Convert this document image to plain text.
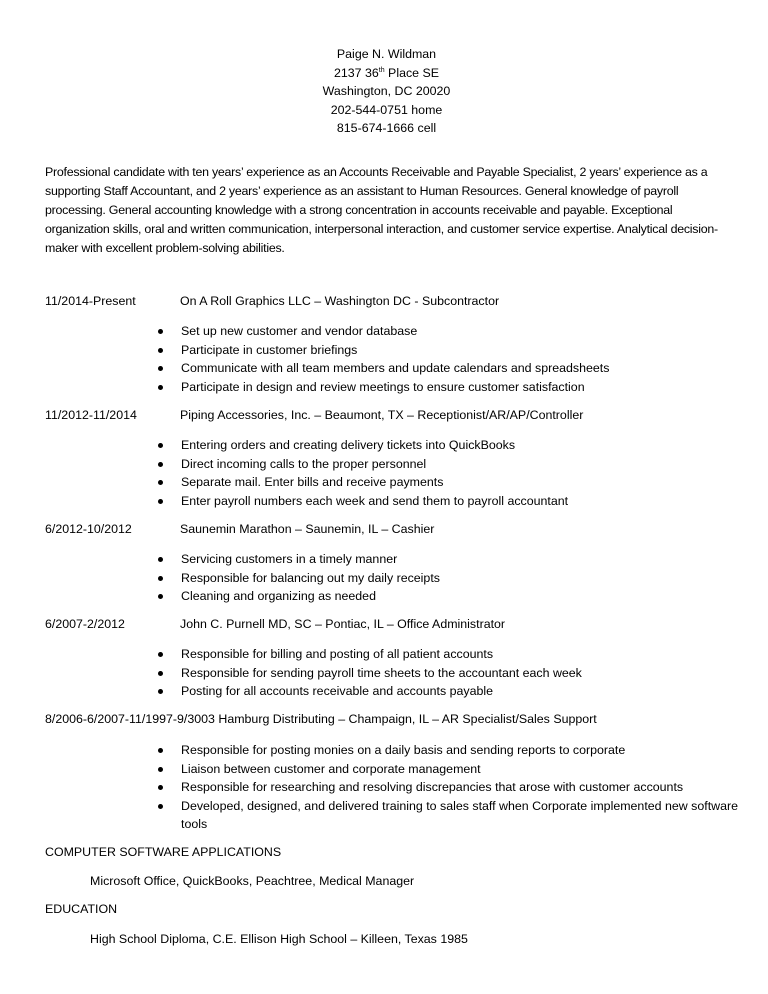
Paige N. Wildman
2137 36th Place SE
Washington, DC 20020
202-544-0751 home
815-674-1666 cell
Professional candidate with ten years’ experience as an Accounts Receivable and Payable Specialist, 2 years’ experience as a supporting Staff Accountant, and 2 years’ experience as an assistant to Human Resources. General knowledge of payroll processing. General accounting knowledge with a strong concentration in accounts receivable and payable. Exceptional organization skills, oral and written communication, interpersonal interaction, and customer service expertise. Analytical decision-maker with excellent problem-solving abilities.
11/2014-Present	On A Roll Graphics LLC – Washington DC - Subcontractor
Set up new customer and vendor database
Participate in customer briefings
Communicate with all team members and update calendars and spreadsheets
Participate in design and review meetings to ensure customer satisfaction
11/2012-11/2014	Piping Accessories, Inc. – Beaumont, TX – Receptionist/AR/AP/Controller
Entering orders and creating delivery tickets into QuickBooks
Direct incoming calls to the proper personnel
Separate mail. Enter bills and receive payments
Enter payroll numbers each week and send them to payroll accountant
6/2012-10/2012	Saunemin Marathon – Saunemin, IL – Cashier
Servicing customers in a timely manner
Responsible for balancing out my daily receipts
Cleaning and organizing as needed
6/2007-2/2012	John C. Purnell MD, SC – Pontiac, IL – Office Administrator
Responsible for billing and posting of all patient accounts
Responsible for sending payroll time sheets to the accountant each week
Posting for all accounts receivable and accounts payable
8/2006-6/2007-11/1997-9/3003 Hamburg Distributing – Champaign, IL – AR Specialist/Sales Support
Responsible for posting monies on a daily basis and sending reports to corporate
Liaison between customer and corporate management
Responsible for researching and resolving discrepancies that arose with customer accounts
Developed, designed, and delivered training to sales staff when Corporate implemented new software tools
COMPUTER SOFTWARE APPLICATIONS
Microsoft Office, QuickBooks, Peachtree, Medical Manager
EDUCATION
High School Diploma, C.E. Ellison High School – Killeen, Texas 1985
